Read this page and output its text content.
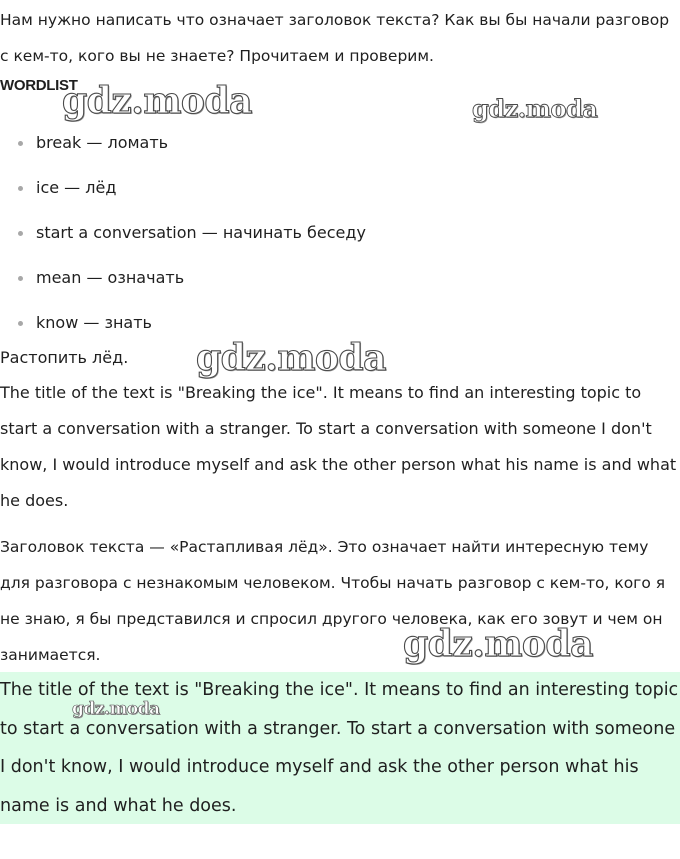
Нам нужно написать что означает заголовок текста? Как вы бы начали разговор с кем-то, кого вы не знаете? Прочитаем и проверим.

WORDLIST
break — ломать
ice — лёд
start a conversation — начинать беседу
mean — означать
know — знать

Растопить лёд.

The title of the text is "Breaking the ice". It means to find an interesting topic to start a conversation with a stranger. To start a conversation with someone I don't know, I would introduce myself and ask the other person what his name is and what he does.

Заголовок текста — «Растапливая лёд». Это означает найти интересную тему для разговора с незнакомым человеком. Чтобы начать разговор с кем-то, кого я не знаю, я бы представился и спросил другого человека, как его зовут и чем он занимается.

The title of the text is "Breaking the ice". It means to find an interesting topic to start a conversation with a stranger. To start a conversation with someone I don't know, I would introduce myself and ask the other person what his name is and what he does.

gdz.moda	gdz.moda
gdz.moda
gdz.moda
gdz.moda
